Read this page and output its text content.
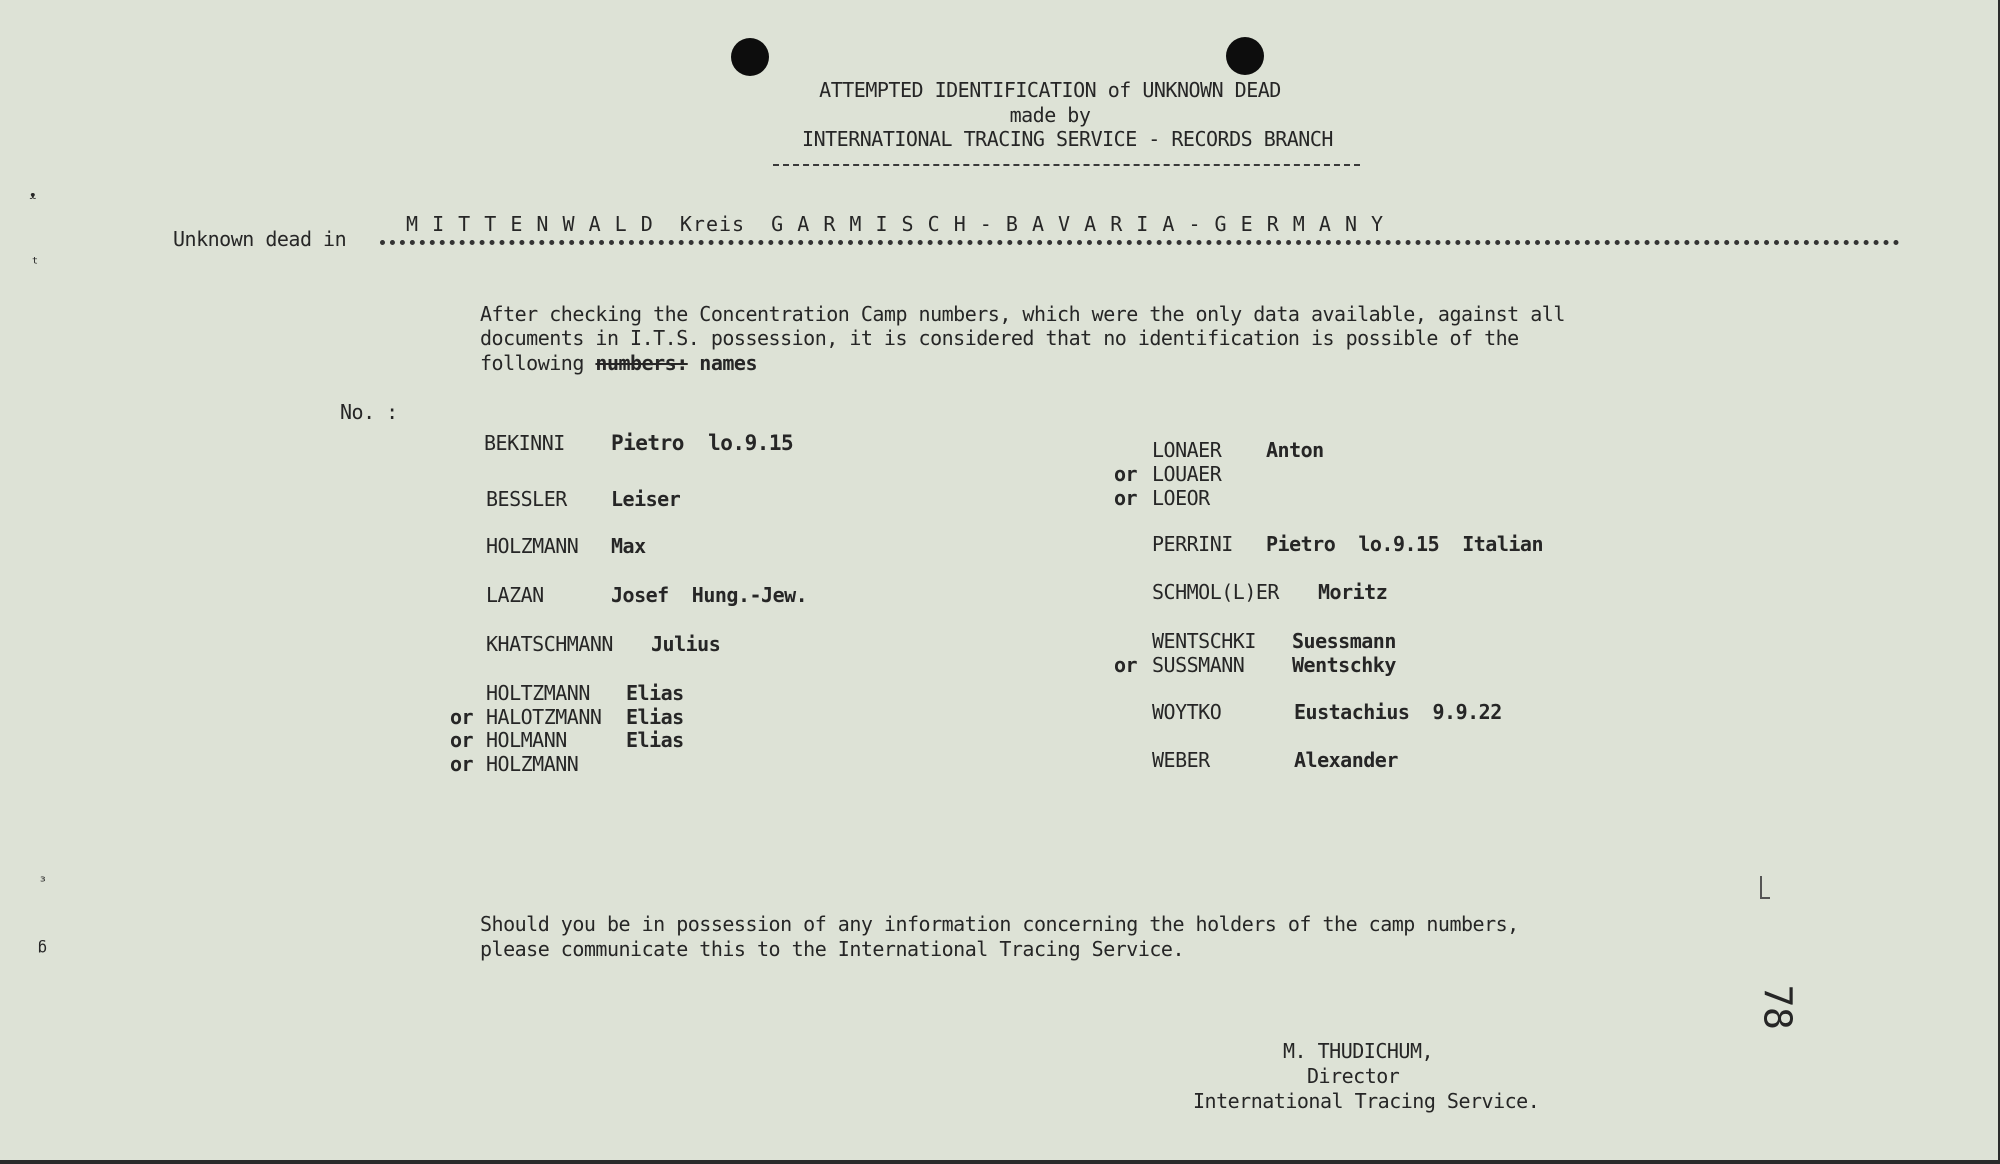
ᵜ
ᵗ
ᶟ
ᵷ
ATTEMPTED IDENTIFICATION of UNKNOWN DEAD
made by
INTERNATIONAL TRACING SERVICE - RECORDS BRANCH
Unknown dead in
M I T T E N W A L D  Kreis  G A R M I S C H - B A V A R I A - G E R M A N Y
After checking the Concentration Camp numbers, which were the only data available, against all
documents in I.T.S. possession, it is considered that no identification is possible of the
following numbers: names
No. :
BEKINNI Pietro  lo.9.15
BESSLER Leiser
HOLZMANN Max
LAZAN	Josef  Hung.-Jew.
KHATSCHMANN Julius
HOLTZMANN Elias
or HALOTZMANN Elias
or HOLMANN	Elias
or HOLZMANN
LONAER Anton
or LOUAER
or LOEOR
PERRINI Pietro  lo.9.15  Italian
SCHMOL(L)ER Moritz
WENTSCHKI Suessmann
or SUSSMANN Wentschky
WOYTKO	Eustachius  9.9.22
WEBER	Alexander
Should you be in possession of any information concerning the holders of the camp numbers,
please communicate this to the International Tracing Service.
M. THUDICHUM,
Director
International Tracing Service.
78
